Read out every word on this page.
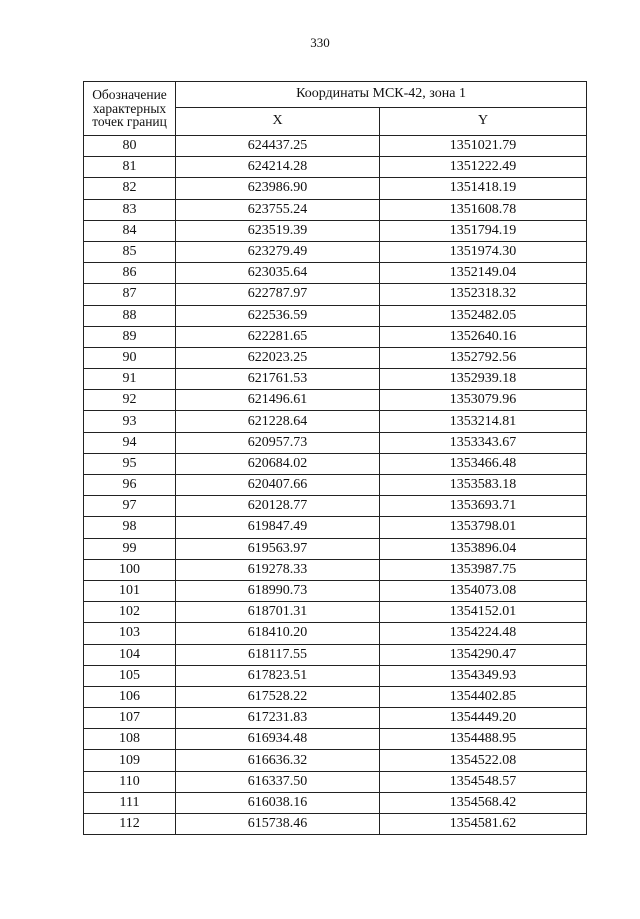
330
Обозначение
характерных
точек границ	Координаты МСК-42, зона 1	
	X	Y
80	624437.25	1351021.79
81	624214.28	1351222.49
82	623986.90	1351418.19
83	623755.24	1351608.78
84	623519.39	1351794.19
85	623279.49	1351974.30
86	623035.64	1352149.04
87	622787.97	1352318.32
88	622536.59	1352482.05
89	622281.65	1352640.16
90	622023.25	1352792.56
91	621761.53	1352939.18
92	621496.61	1353079.96
93	621228.64	1353214.81
94	620957.73	1353343.67
95	620684.02	1353466.48
96	620407.66	1353583.18
97	620128.77	1353693.71
98	619847.49	1353798.01
99	619563.97	1353896.04
100	619278.33	1353987.75
101	618990.73	1354073.08
102	618701.31	1354152.01
103	618410.20	1354224.48
104	618117.55	1354290.47
105	617823.51	1354349.93
106	617528.22	1354402.85
107	617231.83	1354449.20
108	616934.48	1354488.95
109	616636.32	1354522.08
110	616337.50	1354548.57
111	616038.16	1354568.42
112	615738.46	1354581.62
